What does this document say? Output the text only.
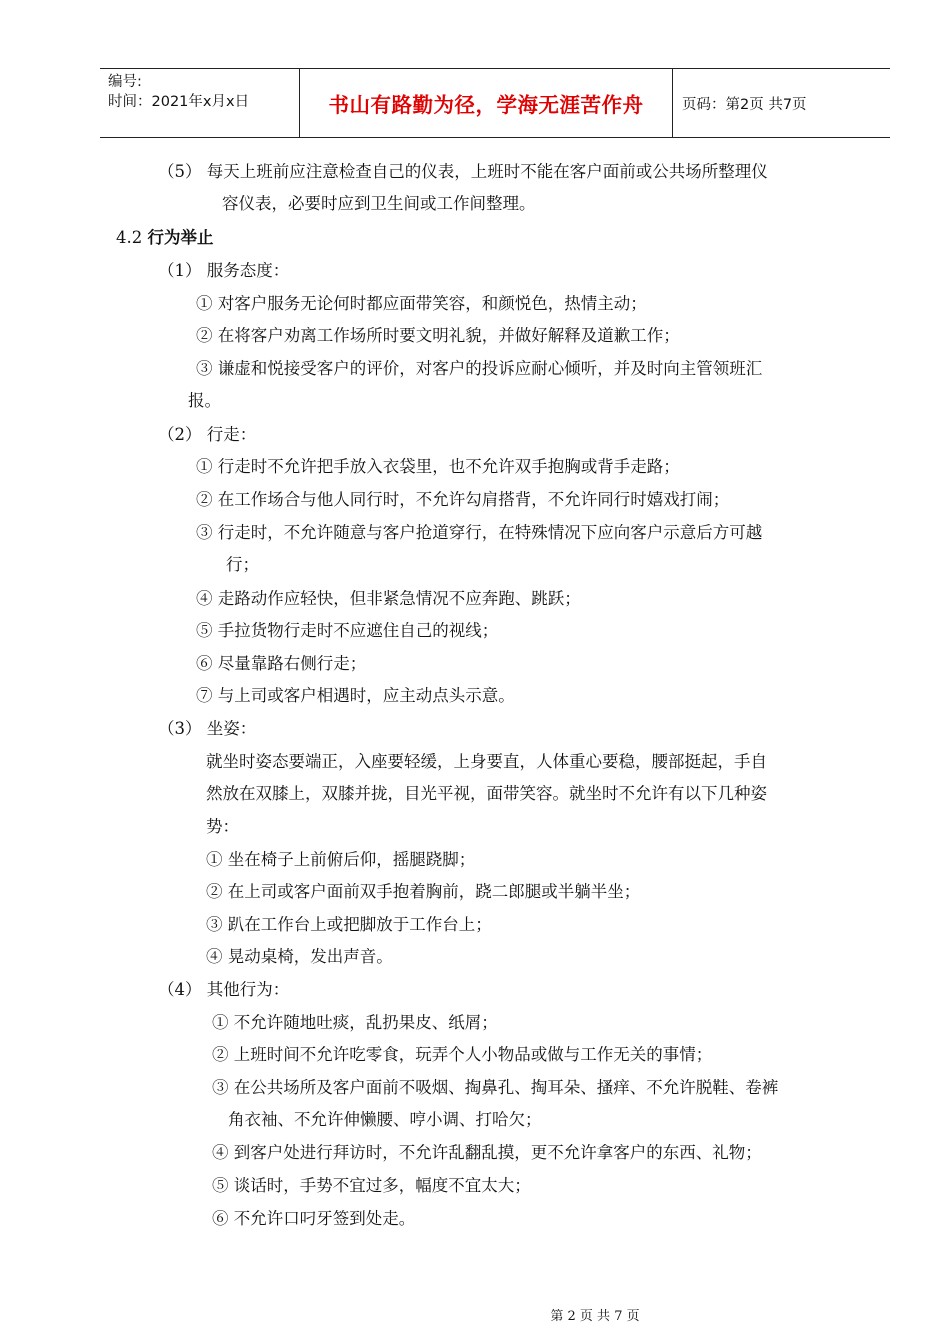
编号:
时间：2021年x月x日	书山有路勤为径，学海无涯苦作舟	页码：第2页 共7页
（5） 每天上班前应注意检查自己的仪表，上班时不能在客户面前或公共场所整理仪
容仪表，必要时应到卫生间或工作间整理。
4.2 行为举止
（1） 服务态度：
① 对客户服务无论何时都应面带笑容，和颜悦色，热情主动；
② 在将客户劝离工作场所时要文明礼貌，并做好解释及道歉工作；
③ 谦虚和悦接受客户的评价，对客户的投诉应耐心倾听，并及时向主管领班汇
报。
（2） 行走：
① 行走时不允许把手放入衣袋里，也不允许双手抱胸或背手走路；
② 在工作场合与他人同行时，不允许勾肩搭背，不允许同行时嬉戏打闹；
③ 行走时，不允许随意与客户抢道穿行，在特殊情况下应向客户示意后方可越
行；
④ 走路动作应轻快，但非紧急情况不应奔跑、跳跃；
⑤ 手拉货物行走时不应遮住自己的视线；
⑥ 尽量靠路右侧行走；
⑦ 与上司或客户相遇时，应主动点头示意。
（3） 坐姿：
就坐时姿态要端正，入座要轻缓，上身要直，人体重心要稳，腰部挺起，手自
然放在双膝上，双膝并拢，目光平视，面带笑容。就坐时不允许有以下几种姿
势：
① 坐在椅子上前俯后仰，摇腿跷脚；
② 在上司或客户面前双手抱着胸前，跷二郎腿或半躺半坐；
③ 趴在工作台上或把脚放于工作台上；
④ 晃动桌椅，发出声音。
（4） 其他行为：
① 不允许随地吐痰，乱扔果皮、纸屑；
② 上班时间不允许吃零食，玩弄个人小物品或做与工作无关的事情；
③ 在公共场所及客户面前不吸烟、掏鼻孔、掏耳朵、搔痒、不允许脱鞋、卷裤
角衣袖、不允许伸懒腰、哼小调、打哈欠；
④ 到客户处进行拜访时，不允许乱翻乱摸，更不允许拿客户的东西、礼物；
⑤ 谈话时，手势不宜过多，幅度不宜太大；
⑥ 不允许口叼牙签到处走。
第 2 页 共 7 页
